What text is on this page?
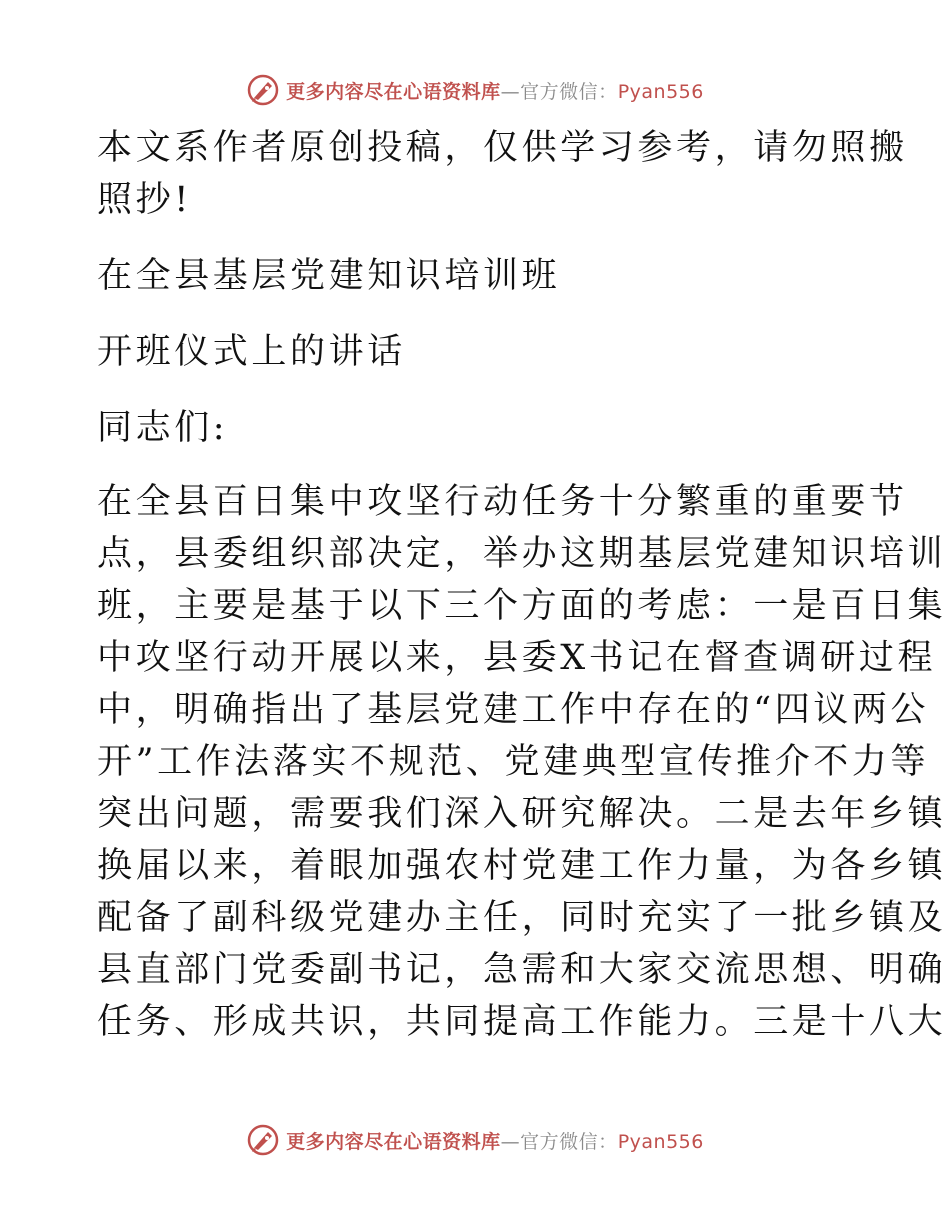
更多内容尽在心语资料库—官方微信：Pyan556
本文系作者原创投稿，仅供学习参考，请勿照搬
照抄!
在全县基层党建知识培训班
开班仪式上的讲话
同志们:
在全县百日集中攻坚行动任务十分繁重的重要节
点，县委组织部决定，举办这期基层党建知识培训
班，主要是基于以下三个方面的考虑：一是百日集
中攻坚行动开展以来，县委X书记在督查调研过程
中，明确指出了基层党建工作中存在的“四议两公
开”工作法落实不规范、党建典型宣传推介不力等
突出问题，需要我们深入研究解决。二是去年乡镇
换届以来，着眼加强农村党建工作力量，为各乡镇
配备了副科级党建办主任，同时充实了一批乡镇及
县直部门党委副书记，急需和大家交流思想、明确
任务、形成共识，共同提高工作能力。三是十八大
更多内容尽在心语资料库—官方微信：Pyan556
